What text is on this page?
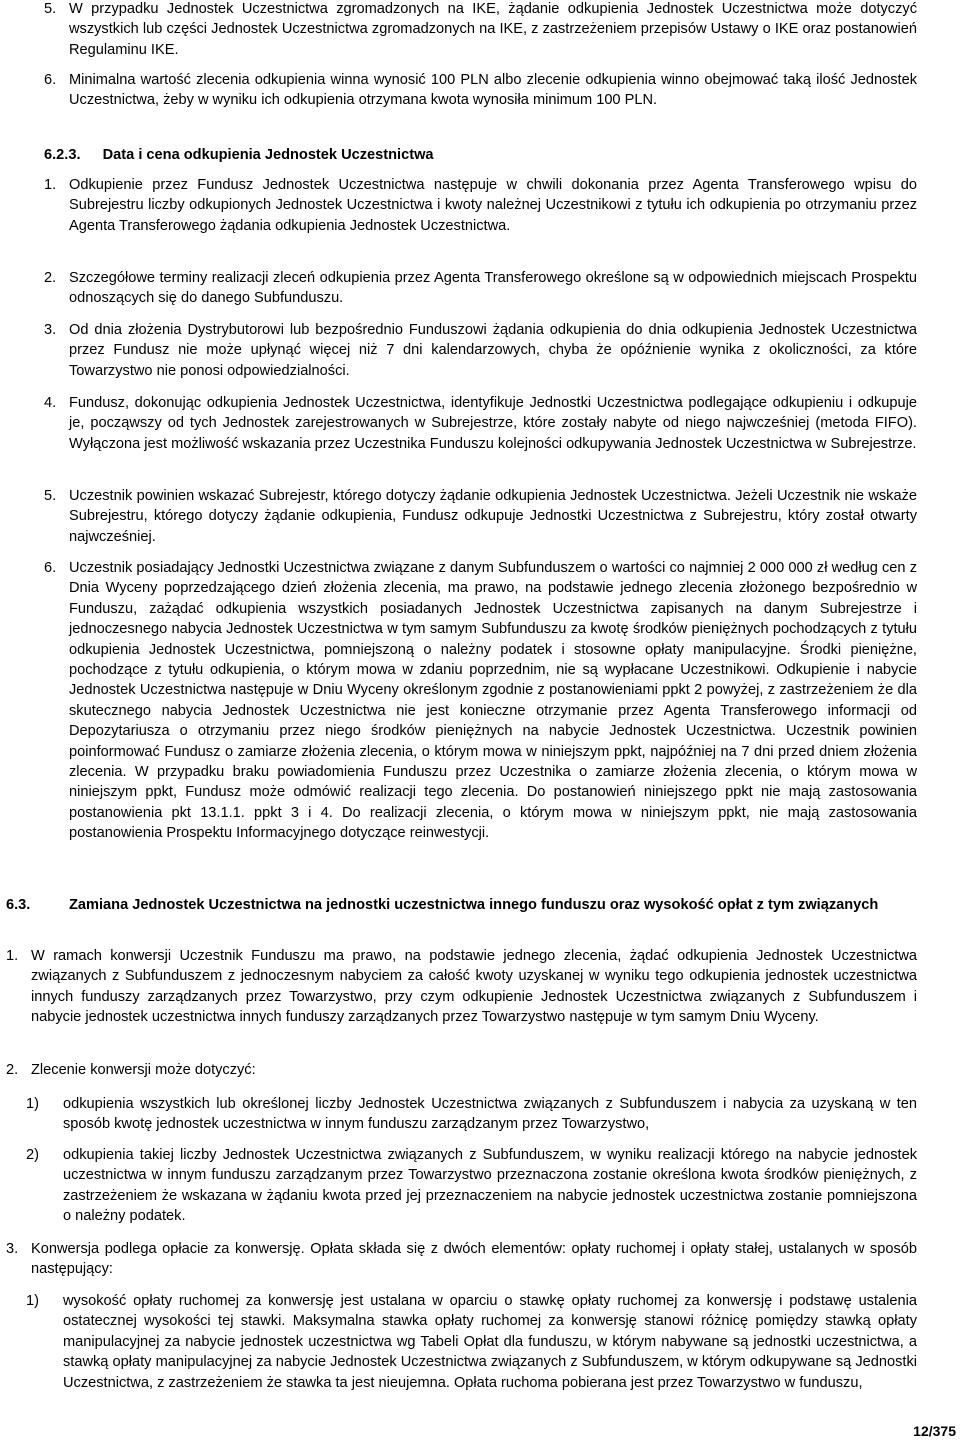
5. W przypadku Jednostek Uczestnictwa zgromadzonych na IKE, żądanie odkupienia Jednostek Uczestnictwa może dotyczyć wszystkich lub części Jednostek Uczestnictwa zgromadzonych na IKE, z zastrzeżeniem przepisów Ustawy o IKE oraz postanowień Regulaminu IKE.
6. Minimalna wartość zlecenia odkupienia winna wynosić 100 PLN albo zlecenie odkupienia winno obejmować taką ilość Jednostek Uczestnictwa, żeby w wyniku ich odkupienia otrzymana kwota wynosiła minimum 100 PLN.
6.2.3. Data i cena odkupienia Jednostek Uczestnictwa
1. Odkupienie przez Fundusz Jednostek Uczestnictwa następuje w chwili dokonania przez Agenta Transferowego wpisu do Subrejestru liczby odkupionych Jednostek Uczestnictwa i kwoty należnej Uczestnikowi z tytułu ich odkupienia po otrzymaniu przez Agenta Transferowego żądania odkupienia Jednostek Uczestnictwa.
2. Szczegółowe terminy realizacji zleceń odkupienia przez Agenta Transferowego określone są w odpowiednich miejscach Prospektu odnoszących się do danego Subfunduszu.
3. Od dnia złożenia Dystrybutorowi lub bezpośrednio Funduszowi żądania odkupienia do dnia odkupienia Jednostek Uczestnictwa przez Fundusz nie może upłynąć więcej niż 7 dni kalendarzowych, chyba że opóźnienie wynika z okoliczności, za które Towarzystwo nie ponosi odpowiedzialności.
4. Fundusz, dokonując odkupienia Jednostek Uczestnictwa, identyfikuje Jednostki Uczestnictwa podlegające odkupieniu i odkupuje je, począwszy od tych Jednostek zarejestrowanych w Subrejestrze, które zostały nabyte od niego najwcześniej (metoda FIFO). Wyłączona jest możliwość wskazania przez Uczestnika Funduszu kolejności odkupywania Jednostek Uczestnictwa w Subrejestrze.
5. Uczestnik powinien wskazać Subrejestr, którego dotyczy żądanie odkupienia Jednostek Uczestnictwa. Jeżeli Uczestnik nie wskaże Subrejestru, którego dotyczy żądanie odkupienia, Fundusz odkupuje Jednostki Uczestnictwa z Subrejestru, który został otwarty najwcześniej.
6. Uczestnik posiadający Jednostki Uczestnictwa związane z danym Subfunduszem o wartości co najmniej 2 000 000 zł według cen z Dnia Wyceny poprzedzającego dzień złożenia zlecenia, ma prawo, na podstawie jednego zlecenia złożonego bezpośrednio w Funduszu, zażądać odkupienia wszystkich posiadanych Jednostek Uczestnictwa zapisanych na danym Subrejestrze i jednoczesnego nabycia Jednostek Uczestnictwa w tym samym Subfunduszu za kwotę środków pieniężnych pochodzących z tytułu odkupienia Jednostek Uczestnictwa, pomniejszoną o należny podatek i stosowne opłaty manipulacyjne. Środki pieniężne, pochodzące z tytułu odkupienia, o którym mowa w zdaniu poprzednim, nie są wypłacane Uczestnikowi. Odkupienie i nabycie Jednostek Uczestnictwa następuje w Dniu Wyceny określonym zgodnie z postanowieniami ppkt 2 powyżej, z zastrzeżeniem że dla skutecznego nabycia Jednostek Uczestnictwa nie jest konieczne otrzymanie przez Agenta Transferowego informacji od Depozytariusza o otrzymaniu przez niego środków pieniężnych na nabycie Jednostek Uczestnictwa. Uczestnik powinien poinformować Fundusz o zamiarze złożenia zlecenia, o którym mowa w niniejszym ppkt, najpóźniej na 7 dni przed dniem złożenia zlecenia. W przypadku braku powiadomienia Funduszu przez Uczestnika o zamiarze złożenia zlecenia, o którym mowa w niniejszym ppkt, Fundusz może odmówić realizacji tego zlecenia. Do postanowień niniejszego ppkt nie mają zastosowania postanowienia pkt 13.1.1. ppkt 3 i 4. Do realizacji zlecenia, o którym mowa w niniejszym ppkt, nie mają zastosowania postanowienia Prospektu Informacyjnego dotyczące reinwestycji.
6.3.	Zamiana Jednostek Uczestnictwa na jednostki uczestnictwa innego funduszu oraz wysokość opłat z tym związanych
1. W ramach konwersji Uczestnik Funduszu ma prawo, na podstawie jednego zlecenia, żądać odkupienia Jednostek Uczestnictwa związanych z Subfunduszem z jednoczesnym nabyciem za całość kwoty uzyskanej w wyniku tego odkupienia jednostek uczestnictwa innych funduszy zarządzanych przez Towarzystwo, przy czym odkupienie Jednostek Uczestnictwa związanych z Subfunduszem i nabycie jednostek uczestnictwa innych funduszy zarządzanych przez Towarzystwo następuje w tym samym Dniu Wyceny.
2. Zlecenie konwersji może dotyczyć:
1) odkupienia wszystkich lub określonej liczby Jednostek Uczestnictwa związanych z Subfunduszem i nabycia za uzyskaną w ten sposób kwotę jednostek uczestnictwa w innym funduszu zarządzanym przez Towarzystwo,
2) odkupienia takiej liczby Jednostek Uczestnictwa związanych z Subfunduszem, w wyniku realizacji którego na nabycie jednostek uczestnictwa w innym funduszu zarządzanym przez Towarzystwo przeznaczona zostanie określona kwota środków pieniężnych, z zastrzeżeniem że wskazana w żądaniu kwota przed jej przeznaczeniem na nabycie jednostek uczestnictwa zostanie pomniejszona o należny podatek.
3. Konwersja podlega opłacie za konwersję. Opłata składa się z dwóch elementów: opłaty ruchomej i opłaty stałej, ustalanych w sposób następujący:
1) wysokość opłaty ruchomej za konwersję jest ustalana w oparciu o stawkę opłaty ruchomej za konwersję i podstawę ustalenia ostatecznej wysokości tej stawki. Maksymalna stawka opłaty ruchomej za konwersję stanowi różnicę pomiędzy stawką opłaty manipulacyjnej za nabycie jednostek uczestnictwa wg Tabeli Opłat dla funduszu, w którym nabywane są jednostki uczestnictwa, a stawką opłaty manipulacyjnej za nabycie Jednostek Uczestnictwa związanych z Subfunduszem, w którym odkupywane są Jednostki Uczestnictwa, z zastrzeżeniem że stawka ta jest nieujemna. Opłata ruchoma pobierana jest przez Towarzystwo w funduszu,
12/375
